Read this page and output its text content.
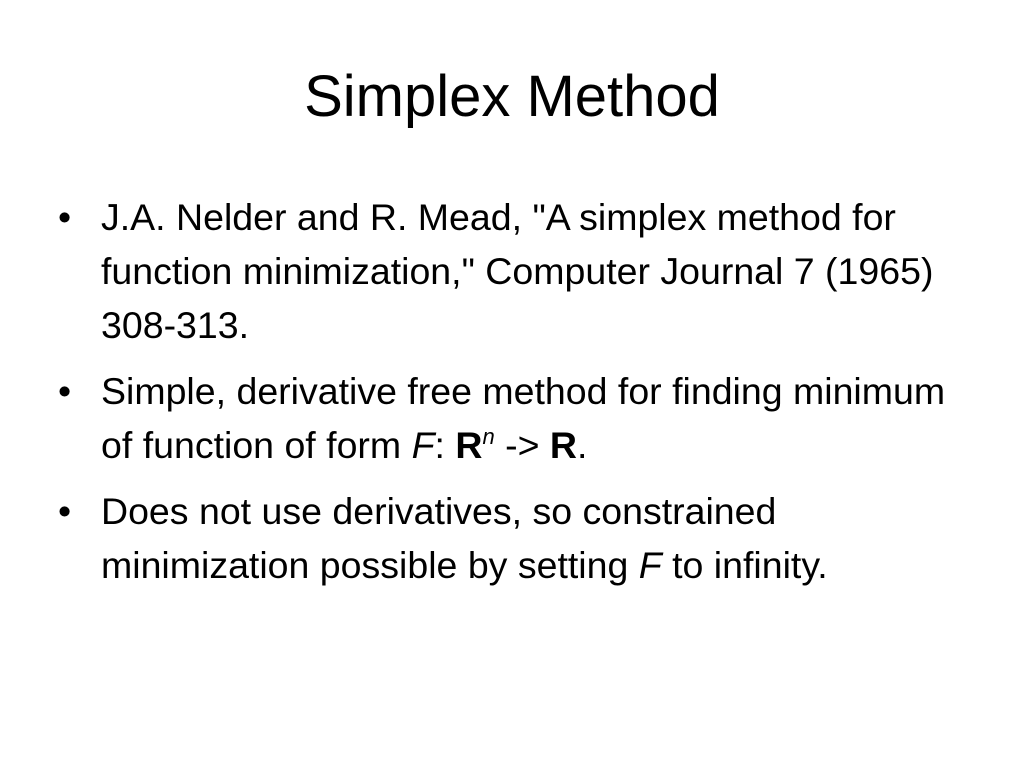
Simplex Method
• J.A. Nelder and R. Mead, "A simplex method for function minimization," Computer Journal 7 (1965) 308-313.
• Simple, derivative free method for finding minimum of function of form F: $R^n -> R$.
• Does not use derivatives, so constrained minimization possible by setting F to infinity.
